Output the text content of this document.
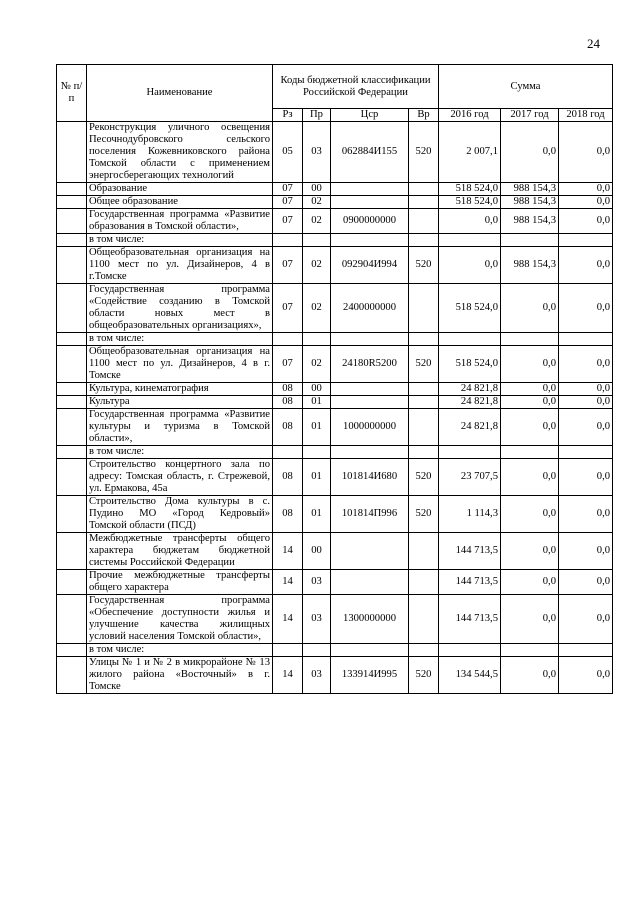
24
№ п/п	Наименование	Коды бюджетной классификации Российской Федерации				Сумма		
		Рз	Пр	Цср	Вр	2016 год	2017 год	2018 год
	Реконструкция уличного освещения Песочнодубровского сельского поселения Кожевниковского района Томской области с применением энергосберегающих технологий	05	03	062884И155	520	2 007,1	0,0	0,0
	Образование	07	00			518 524,0	988 154,3	0,0
	Общее образование	07	02			518 524,0	988 154,3	0,0
	Государственная программа «Развитие образования в Томской области»,	07	02	0900000000		0,0	988 154,3	0,0
	в том числе:							
	Общеобразовательная организация на 1100 мест по ул. Дизайнеров, 4 в г.Томске	07	02	092904И994	520	0,0	988 154,3	0,0
	Государственная программа «Содействие созданию в Томской области новых мест в общеобразовательных организациях»,	07	02	2400000000		518 524,0	0,0	0,0
	в том числе:							
	Общеобразовательная организация на 1100 мест по ул. Дизайнеров, 4 в г. Томске	07	02	24180R5200	520	518 524,0	0,0	0,0
	Культура, кинематография	08	00			24 821,8	0,0	0,0
	Культура	08	01			24 821,8	0,0	0,0
	Государственная программа «Развитие культуры и туризма в Томской области»,	08	01	1000000000		24 821,8	0,0	0,0
	в том числе:							
	Строительство концертного зала по адресу: Томская область, г. Стрежевой, ул. Ермакова, 45а	08	01	101814И680	520	23 707,5	0,0	0,0
	Строительство Дома культуры в с. Пудино МО «Город Кедровый» Томской области (ПСД)	08	01	101814П996	520	1 114,3	0,0	0,0
	Межбюджетные трансферты общего характера бюджетам бюджетной системы Российской Федерации	14	00			144 713,5	0,0	0,0
	Прочие межбюджетные трансферты общего характера	14	03			144 713,5	0,0	0,0
	Государственная программа «Обеспечение доступности жилья и улучшение качества жилищных условий населения Томской области»,	14	03	1300000000		144 713,5	0,0	0,0
	в том числе:							
	Улицы № 1 и № 2 в микрорайоне № 13 жилого района «Восточный» в г. Томске	14	03	133914И995	520	134 544,5	0,0	0,0
